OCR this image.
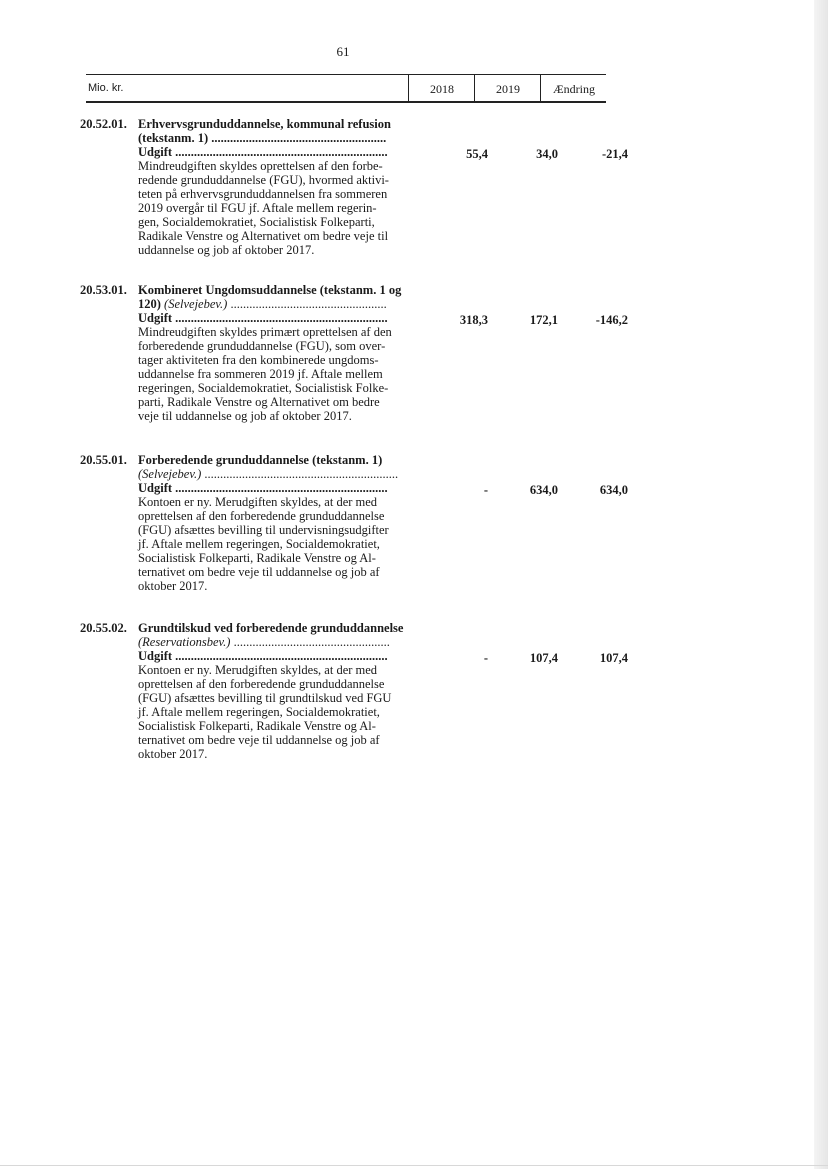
61
Mio. kr.	2018	2019	Ændring
20.52.01. Erhvervsgrunduddannelse, kommunal refusion
(tekstanm. 1) ........................................................
Udgift ....................................................................
Mindreudgiften skyldes oprettelsen af den forbe-
redende grunduddannelse (FGU), hvormed aktivi-
teten på erhvervsgrunduddannelsen fra sommeren
2019 overgår til FGU jf. Aftale mellem regerin-
gen, Socialdemokratiet, Socialistisk Folkeparti,
Radikale Venstre og Alternativet om bedre veje til
uddannelse og job af oktober 2017.
55,4	34,0	-21,4
20.53.01. Kombineret Ungdomsuddannelse (tekstanm. 1 og
120) (Selvejebev.) ..................................................
Udgift ....................................................................
Mindreudgiften skyldes primært oprettelsen af den
forberedende grunduddannelse (FGU), som over-
tager aktiviteten fra den kombinerede ungdoms-
uddannelse fra sommeren 2019 jf. Aftale mellem
regeringen, Socialdemokratiet, Socialistisk Folke-
parti, Radikale Venstre og Alternativet om bedre
veje til uddannelse og job af oktober 2017.
318,3	172,1	-146,2
20.55.01. Forberedende grunduddannelse (tekstanm. 1)
(Selvejebev.) ..............................................................
Udgift ....................................................................
Kontoen er ny. Merudgiften skyldes, at der med
oprettelsen af den forberedende grunduddannelse
(FGU) afsættes bevilling til undervisningsudgifter
jf. Aftale mellem regeringen, Socialdemokratiet,
Socialistisk Folkeparti, Radikale Venstre og Al-
ternativet om bedre veje til uddannelse og job af
oktober 2017.
-	634,0	634,0
20.55.02. Grundtilskud ved forberedende grunduddannelse
(Reservationsbev.) ..................................................
Udgift ....................................................................
Kontoen er ny. Merudgiften skyldes, at der med
oprettelsen af den forberedende grunduddannelse
(FGU) afsættes bevilling til grundtilskud ved FGU
jf. Aftale mellem regeringen, Socialdemokratiet,
Socialistisk Folkeparti, Radikale Venstre og Al-
ternativet om bedre veje til uddannelse og job af
oktober 2017.
-	107,4	107,4
